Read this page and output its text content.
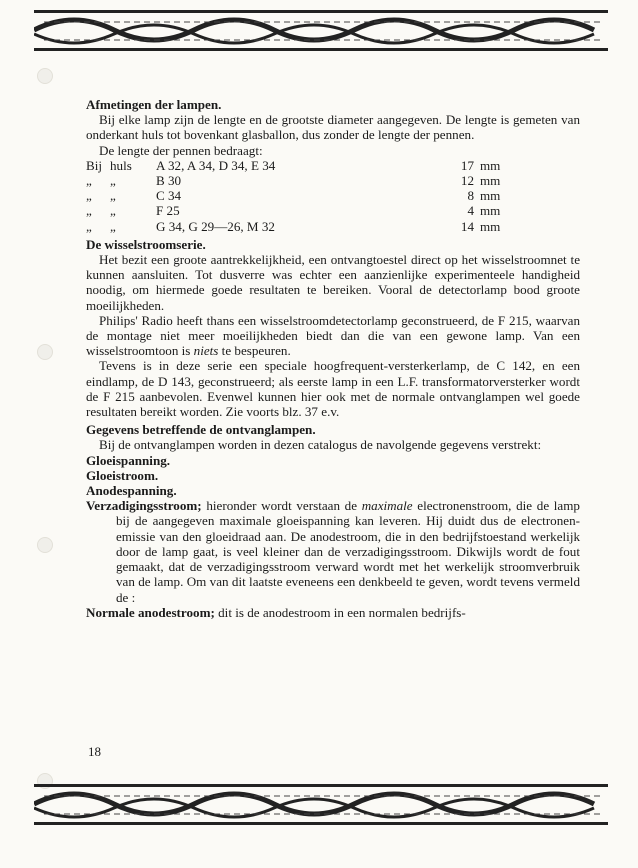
Afmetingen der lampen.

Bij elke lamp zijn de lengte en de grootste diameter aangegeven. De lengte is gemeten van onderkant huls tot bovenkant glasballon, dus zonder de lengte der pennen.

De lengte der pennen bedraagt:

Bij huls	A 32, A 34, D 34, E 34	17 mm
„	„	B 30	12 mm
„	„	C 34	8 mm
„	„	F 25	4 mm
„	„	G 34, G 29—26, M 32	14 mm

De wisselstroomserie.

Het bezit een groote aantrekkelijkheid, een ontvangtoestel direct op het wisselstroomnet te kunnen aansluiten. Tot dusverre was echter een aanzienlijke experimenteele handigheid noodig, om hiermede goede resultaten te bereiken. Vooral de detectorlamp bood groote moeilijkheden.

Philips' Radio heeft thans een wisselstroomdetectorlamp geconstrueerd, de F 215, waarvan de montage niet meer moeilijkheden biedt dan die van een gewone lamp. Van een wisselstroomtoon is niets te bespeuren.

Tevens is in deze serie een speciale hoogfrequent-versterkerlamp, de C 142, en een eindlamp, de D 143, geconstrueerd; als eerste lamp in een L.F. transformatorversterker wordt de F 215 aanbevolen. Evenwel kunnen hier ook met de normale ontvanglampen wel goede resultaten bereikt worden. Zie voorts blz. 37 e.v.

Gegevens betreffende de ontvanglampen.

Bij de ontvanglampen worden in dezen catalogus de navolgende gegevens verstrekt:

Gloeispanning.

Gloeistroom.

Anodespanning.

Verzadigingsstroom; hieronder wordt verstaan de maximale electronenstroom, die de lamp bij de aangegeven maximale gloeispanning kan leveren. Hij duidt dus de electronen-emissie van den gloeidraad aan. De anodestroom, die in den bedrijfstoestand werkelijk door de lamp gaat, is veel kleiner dan de verzadigingsstroom. Dikwijls wordt de fout gemaakt, dat de verzadigingsstroom verward wordt met het werkelijk stroomverbruik van de lamp. Om van dit laatste eveneens een denkbeeld te geven, wordt tevens vermeld de :

Normale anodestroom; dit is de anodestroom in een normalen bedrijfs-

18
